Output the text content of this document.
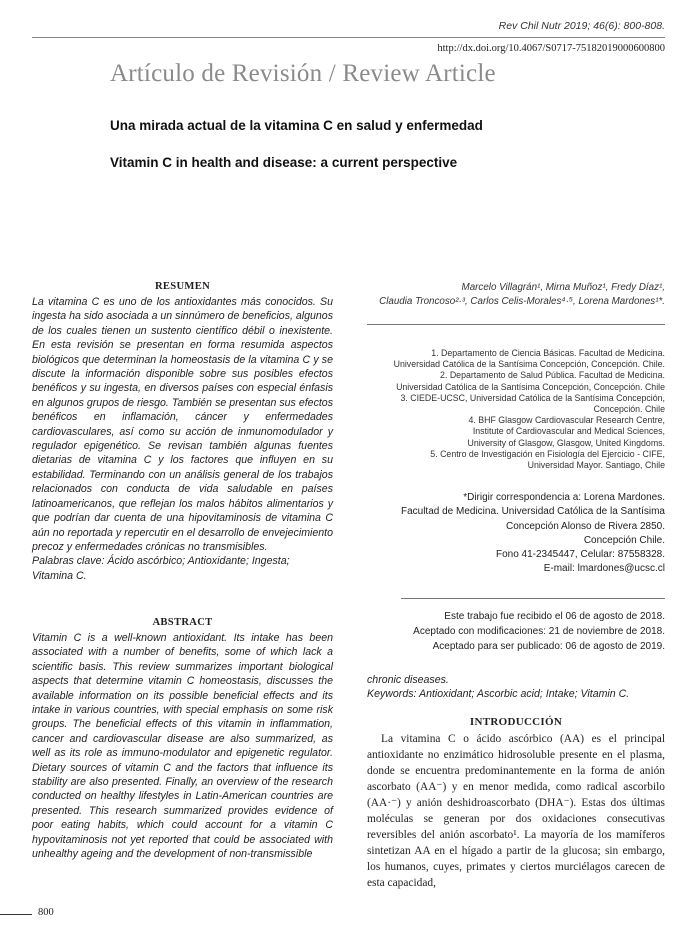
Rev Chil Nutr 2019; 46(6): 800-808.
http://dx.doi.org/10.4067/S0717-75182019000600800
Artículo de Revisión / Review Article
Una mirada actual de la vitamina C en salud y enfermedad
Vitamin C in health and disease: a current perspective
RESUMEN

La vitamina C es uno de los antioxidantes más conocidos. Su ingesta ha sido asociada a un sinnúmero de beneficios, algunos de los cuales tienen un sustento científico débil o inexistente. En esta revisión se presentan en forma resumida aspectos biológicos que determinan la homeostasis de la vitamina C y se discute la información disponible sobre sus posibles efectos benéficos y su ingesta, en diversos países con especial énfasis en algunos grupos de riesgo. También se presentan sus efectos benéficos en inflamación, cáncer y enfermedades cardiovasculares, así como su acción de inmunomodulador y regulador epigenético. Se revisan también algunas fuentes dietarias de vitamina C y los factores que influyen en su estabilidad. Terminando con un análisis general de los trabajos relacionados con conducta de vida saludable en países latinoamericanos, que reflejan los malos hábitos alimentarios y que podrían dar cuenta de una hipovitaminosis de vitamina C aún no reportada y repercutir en el desarrollo de envejecimiento precoz y enfermedades crónicas no transmisibles.

Palabras clave: Ácido ascórbico; Antioxidante; Ingesta; Vitamina C.

ABSTRACT

Vitamin C is a well-known antioxidant. Its intake has been associated with a number of benefits, some of which lack a scientific basis. This review summarizes important biological aspects that determine vitamin C homeostasis, discusses the available information on its possible beneficial effects and its intake in various countries, with special emphasis on some risk groups. The beneficial effects of this vitamin in inflammation, cancer and cardiovascular disease are also summarized, as well as its role as immuno-modulator and epigenetic regulator. Dietary sources of vitamin C and the factors that influence its stability are also presented. Finally, an overview of the research conducted on healthy lifestyles in Latin-American countries are presented. This research summarized provides evidence of poor eating habits, which could account for a vitamin C hypovitaminosis not yet reported that could be associated with unhealthy ageing and the development of non-transmissible

Marcelo Villagrán¹, Mirna Muñoz¹, Fredy Díaz¹,
Claudia Troncoso²·³, Carlos Celis-Morales⁴·⁵, Lorena Mardones¹*.
1. Departamento de Ciencia Básicas. Facultad de Medicina.
Universidad Católica de la Santísima Concepción, Concepción. Chile.
2. Departamento de Salud Pública. Facultad de Medicina.
Universidad Católica de la Santísima Concepción, Concepción. Chile
3. CIEDE-UCSC, Universidad Católica de la Santísima Concepción,
Concepción. Chile
4. BHF Glasgow Cardiovascular Research Centre,
Institute of Cardiovascular and Medical Sciences,
University of Glasgow, Glasgow, United Kingdoms.
5. Centro de Investigación en Fisiología del Ejercicio - CIFE,
Universidad Mayor. Santiago, Chile
*Dirigir correspondencia a: Lorena Mardones.
Facultad de Medicina. Universidad Católica de la Santísima
Concepción Alonso de Rivera 2850.
Concepción Chile.
Fono 41-2345447, Celular: 87558328.
E-mail: lmardones@ucsc.cl
Este trabajo fue recibido el 06 de agosto de 2018.
Aceptado con modificaciones: 21 de noviembre de 2018.
Aceptado para ser publicado: 06 de agosto de 2019.

chronic diseases.

Keywords: Antioxidant; Ascorbic acid; Intake; Vitamin C.

INTRODUCCIÓN

La vitamina C o ácido ascórbico (AA) es el principal antioxidante no enzimático hidrosoluble presente en el plasma, donde se encuentra predominantemente en la forma de anión ascorbato (AA⁻) y en menor medida, como radical ascorbilo (AA·⁻) y anión deshidroascorbato (DHA⁻). Estas dos últimas moléculas se generan por dos oxidaciones consecutivas reversibles del anión ascorbato¹. La mayoría de los mamíferos sintetizan AA en el hígado a partir de la glucosa; sin embargo, los humanos, cuyes, primates y ciertos murciélagos carecen de esta capacidad,

800
